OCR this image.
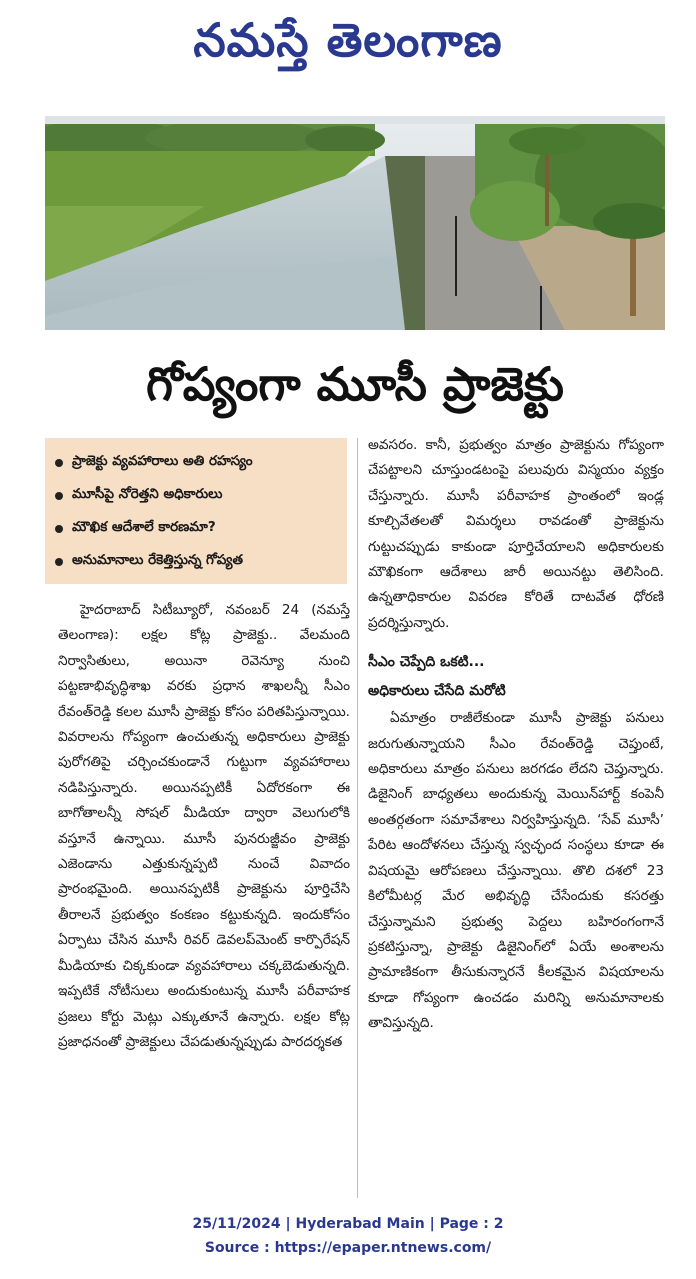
నమస్తే తెలంగాణ
గోప్యంగా మూసీ ప్రాజెక్టు
ప్రాజెక్టు వ్యవహారాలు అతి రహస్యం
మూసీపై నోరెత్తని అధికారులు
మౌఖిక ఆదేశాలే కారణమా?
అనుమానాలు రేకెత్తిస్తున్న గోప్యత

హైదరాబాద్‌ సిటీబ్యూరో, నవంబర్‌ 24 (నమస్తే తెలంగాణ): లక్షల కోట్ల ప్రాజెక్టు.. వేలమంది నిర్వాసితులు, అయినా రెవెన్యూ నుంచి పట్టణాభివృద్ధిశాఖ వరకు ప్రధాన శాఖలన్నీ సీఎం రేవంత్‌రెడ్డి కలల మూసీ ప్రాజెక్టు కోసం పరితపిస్తున్నాయి. వివరాలను గోప్యంగా ఉంచుతున్న అధికారులు ప్రాజెక్టు పురోగతిపై చర్చించకుండానే గుట్టుగా వ్యవహారాలు నడిపిస్తున్నారు. అయినప్పటికీ ఏదోరకంగా ఈ బాగోతాలన్నీ సోషల్‌ మీడియా ద్వారా వెలుగులోకి వస్తూనే ఉన్నాయి. మూసీ పునరుజ్జీవం ప్రాజెక్టు ఎజెండాను ఎత్తుకున్నప్పటి నుంచే వివాదం ప్రారంభమైంది. అయినప్పటికీ ప్రాజెక్టును పూర్తిచేసి తీరాలనే ప్రభుత్వం కంకణం కట్టుకున్నది. ఇందుకోసం ఏర్పాటు చేసిన మూసీ రివర్‌ డెవలప్‌మెంట్‌ కార్పొరేషన్‌ మీడియాకు చిక్కకుండా వ్యవహారాలు చక్కబెడుతున్నది. ఇప్పటికే నోటీసులు అందుకుంటున్న మూసీ పరీవాహక ప్రజలు కోర్టు మెట్లు ఎక్కుతూనే ఉన్నారు. లక్షల కోట్ల ప్రజాధనంతో ప్రాజెక్టులు చేపడుతున్నప్పుడు పారదర్శకత

అవసరం. కానీ, ప్రభుత్వం మాత్రం ప్రాజెక్టును గోప్యంగా చేపట్టాలని చూస్తుండటంపై పలువురు విస్మయం వ్యక్తం చేస్తున్నారు. మూసీ పరీవాహక ప్రాంతంలో ఇండ్ల కూల్చివేతలతో విమర్శలు రావడంతో ప్రాజెక్టును గుట్టుచప్పుడు కాకుండా పూర్తిచేయాలని అధికారులకు మౌఖికంగా ఆదేశాలు జారీ అయినట్టు తెలిసింది. ఉన్నతాధికారుల వివరణ కోరితే దాటవేత ధోరణి ప్రదర్శిస్తున్నారు.

సీఎం చెప్పేది ఒకటి...
అధికారులు చేసేది మరోటి

ఏమాత్రం రాజీలేకుండా మూసీ ప్రాజెక్టు పనులు జరుగుతున్నాయని సీఎం రేవంత్‌రెడ్డి చెప్తుంటే, అధికారులు మాత్రం పనులు జరగడం లేదని చెప్తున్నారు. డిజైనింగ్‌ బాధ్యతలు అందుకున్న మెయిన్‌హార్ట్‌ కంపెనీ అంతర్గతంగా సమావేశాలు నిర్వహిస్తున్నది. ‘సేవ్‌ మూసీ’ పేరిట ఆందోళనలు చేస్తున్న స్వచ్ఛంద సంస్థలు కూడా ఈ విషయమై ఆరోపణలు చేస్తున్నాయి. తొలి దశలో 23 కిలోమీటర్ల మేర అభివృద్ధి చేసేందుకు కసరత్తు చేస్తున్నామని ప్రభుత్వ పెద్దలు బహిరంగంగానే ప్రకటిస్తున్నా, ప్రాజెక్టు డిజైనింగ్‌లో ఏయే అంశాలను ప్రామాణికంగా తీసుకున్నారనే కీలకమైన విషయాలను కూడా గోప్యంగా ఉంచడం మరిన్ని అనుమానాలకు తావిస్తున్నది.

25/11/2024 | Hyderabad Main | Page : 2
Source : https://epaper.ntnews.com/
